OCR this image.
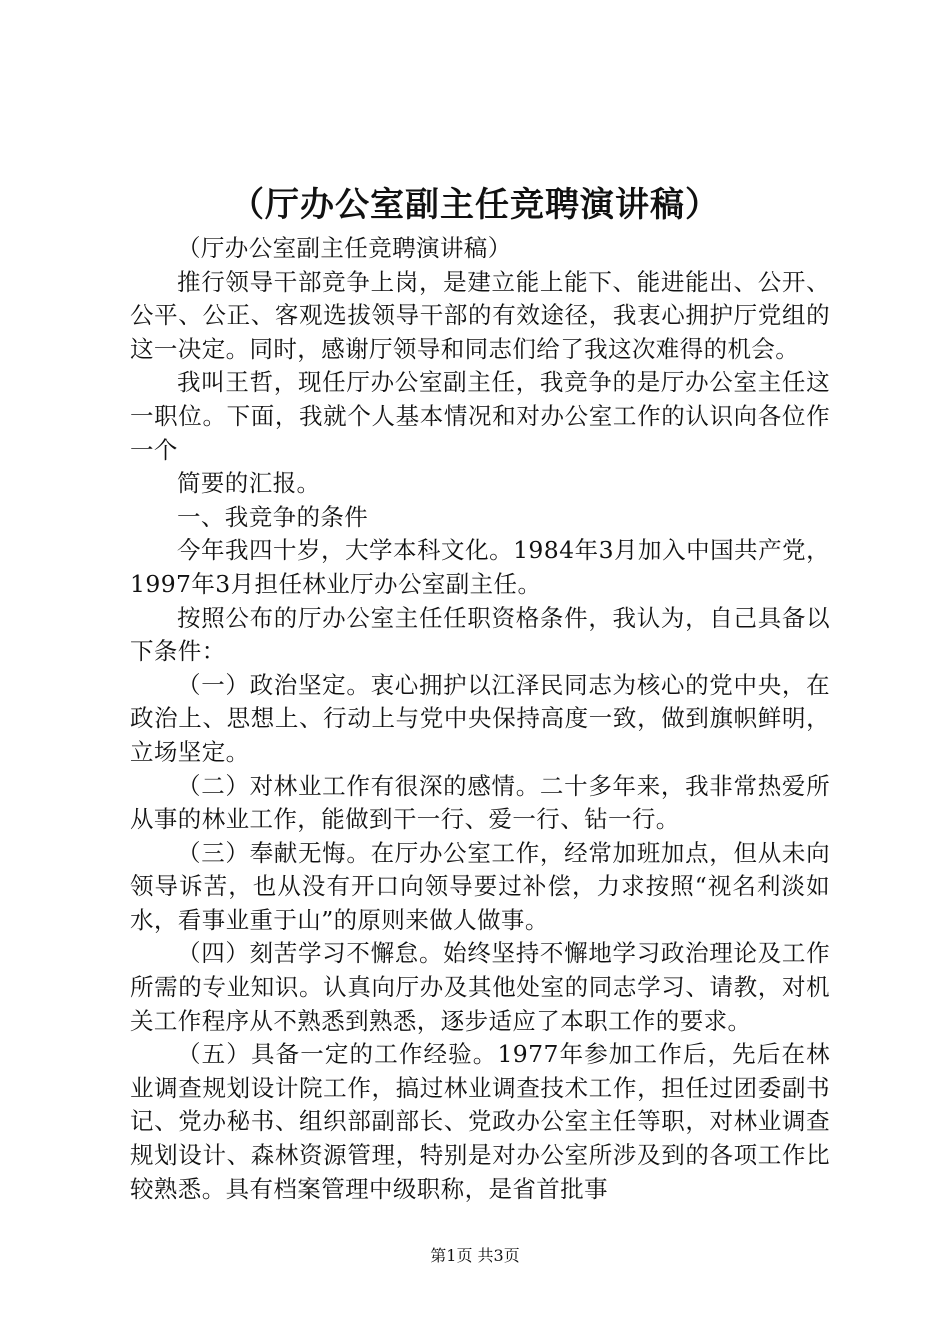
（厅办公室副主任竞聘演讲稿）

（厅办公室副主任竞聘演讲稿）

推行领导干部竞争上岗，是建立能上能下、能进能出、公开、公平、公正、客观选拔领导干部的有效途径，我衷心拥护厅党组的这一决定。同时，感谢厅领导和同志们给了我这次难得的机会。

我叫王哲，现任厅办公室副主任，我竞争的是厅办公室主任这一职位。下面，我就个人基本情况和对办公室工作的认识向各位作一个

简要的汇报。

一、我竞争的条件

今年我四十岁，大学本科文化。1984年3月加入中国共产党，1997年3月担任林业厅办公室副主任。

按照公布的厅办公室主任任职资格条件，我认为，自己具备以下条件：

（一）政治坚定。衷心拥护以江泽民同志为核心的党中央，在政治上、思想上、行动上与党中央保持高度一致，做到旗帜鲜明，立场坚定。

（二）对林业工作有很深的感情。二十多年来，我非常热爱所从事的林业工作，能做到干一行、爱一行、钻一行。

（三）奉献无悔。在厅办公室工作，经常加班加点，但从未向领导诉苦，也从没有开口向领导要过补偿，力求按照“视名利淡如水，看事业重于山”的原则来做人做事。

（四）刻苦学习不懈怠。始终坚持不懈地学习政治理论及工作所需的专业知识。认真向厅办及其他处室的同志学习、请教，对机关工作程序从不熟悉到熟悉，逐步适应了本职工作的要求。

（五）具备一定的工作经验。1977年参加工作后，先后在林业调查规划设计院工作，搞过林业调查技术工作，担任过团委副书记、党办秘书、组织部副部长、党政办公室主任等职，对林业调查规划设计、森林资源管理，特别是对办公室所涉及到的各项工作比较熟悉。具有档案管理中级职称，是省首批事

第1页 共3页
